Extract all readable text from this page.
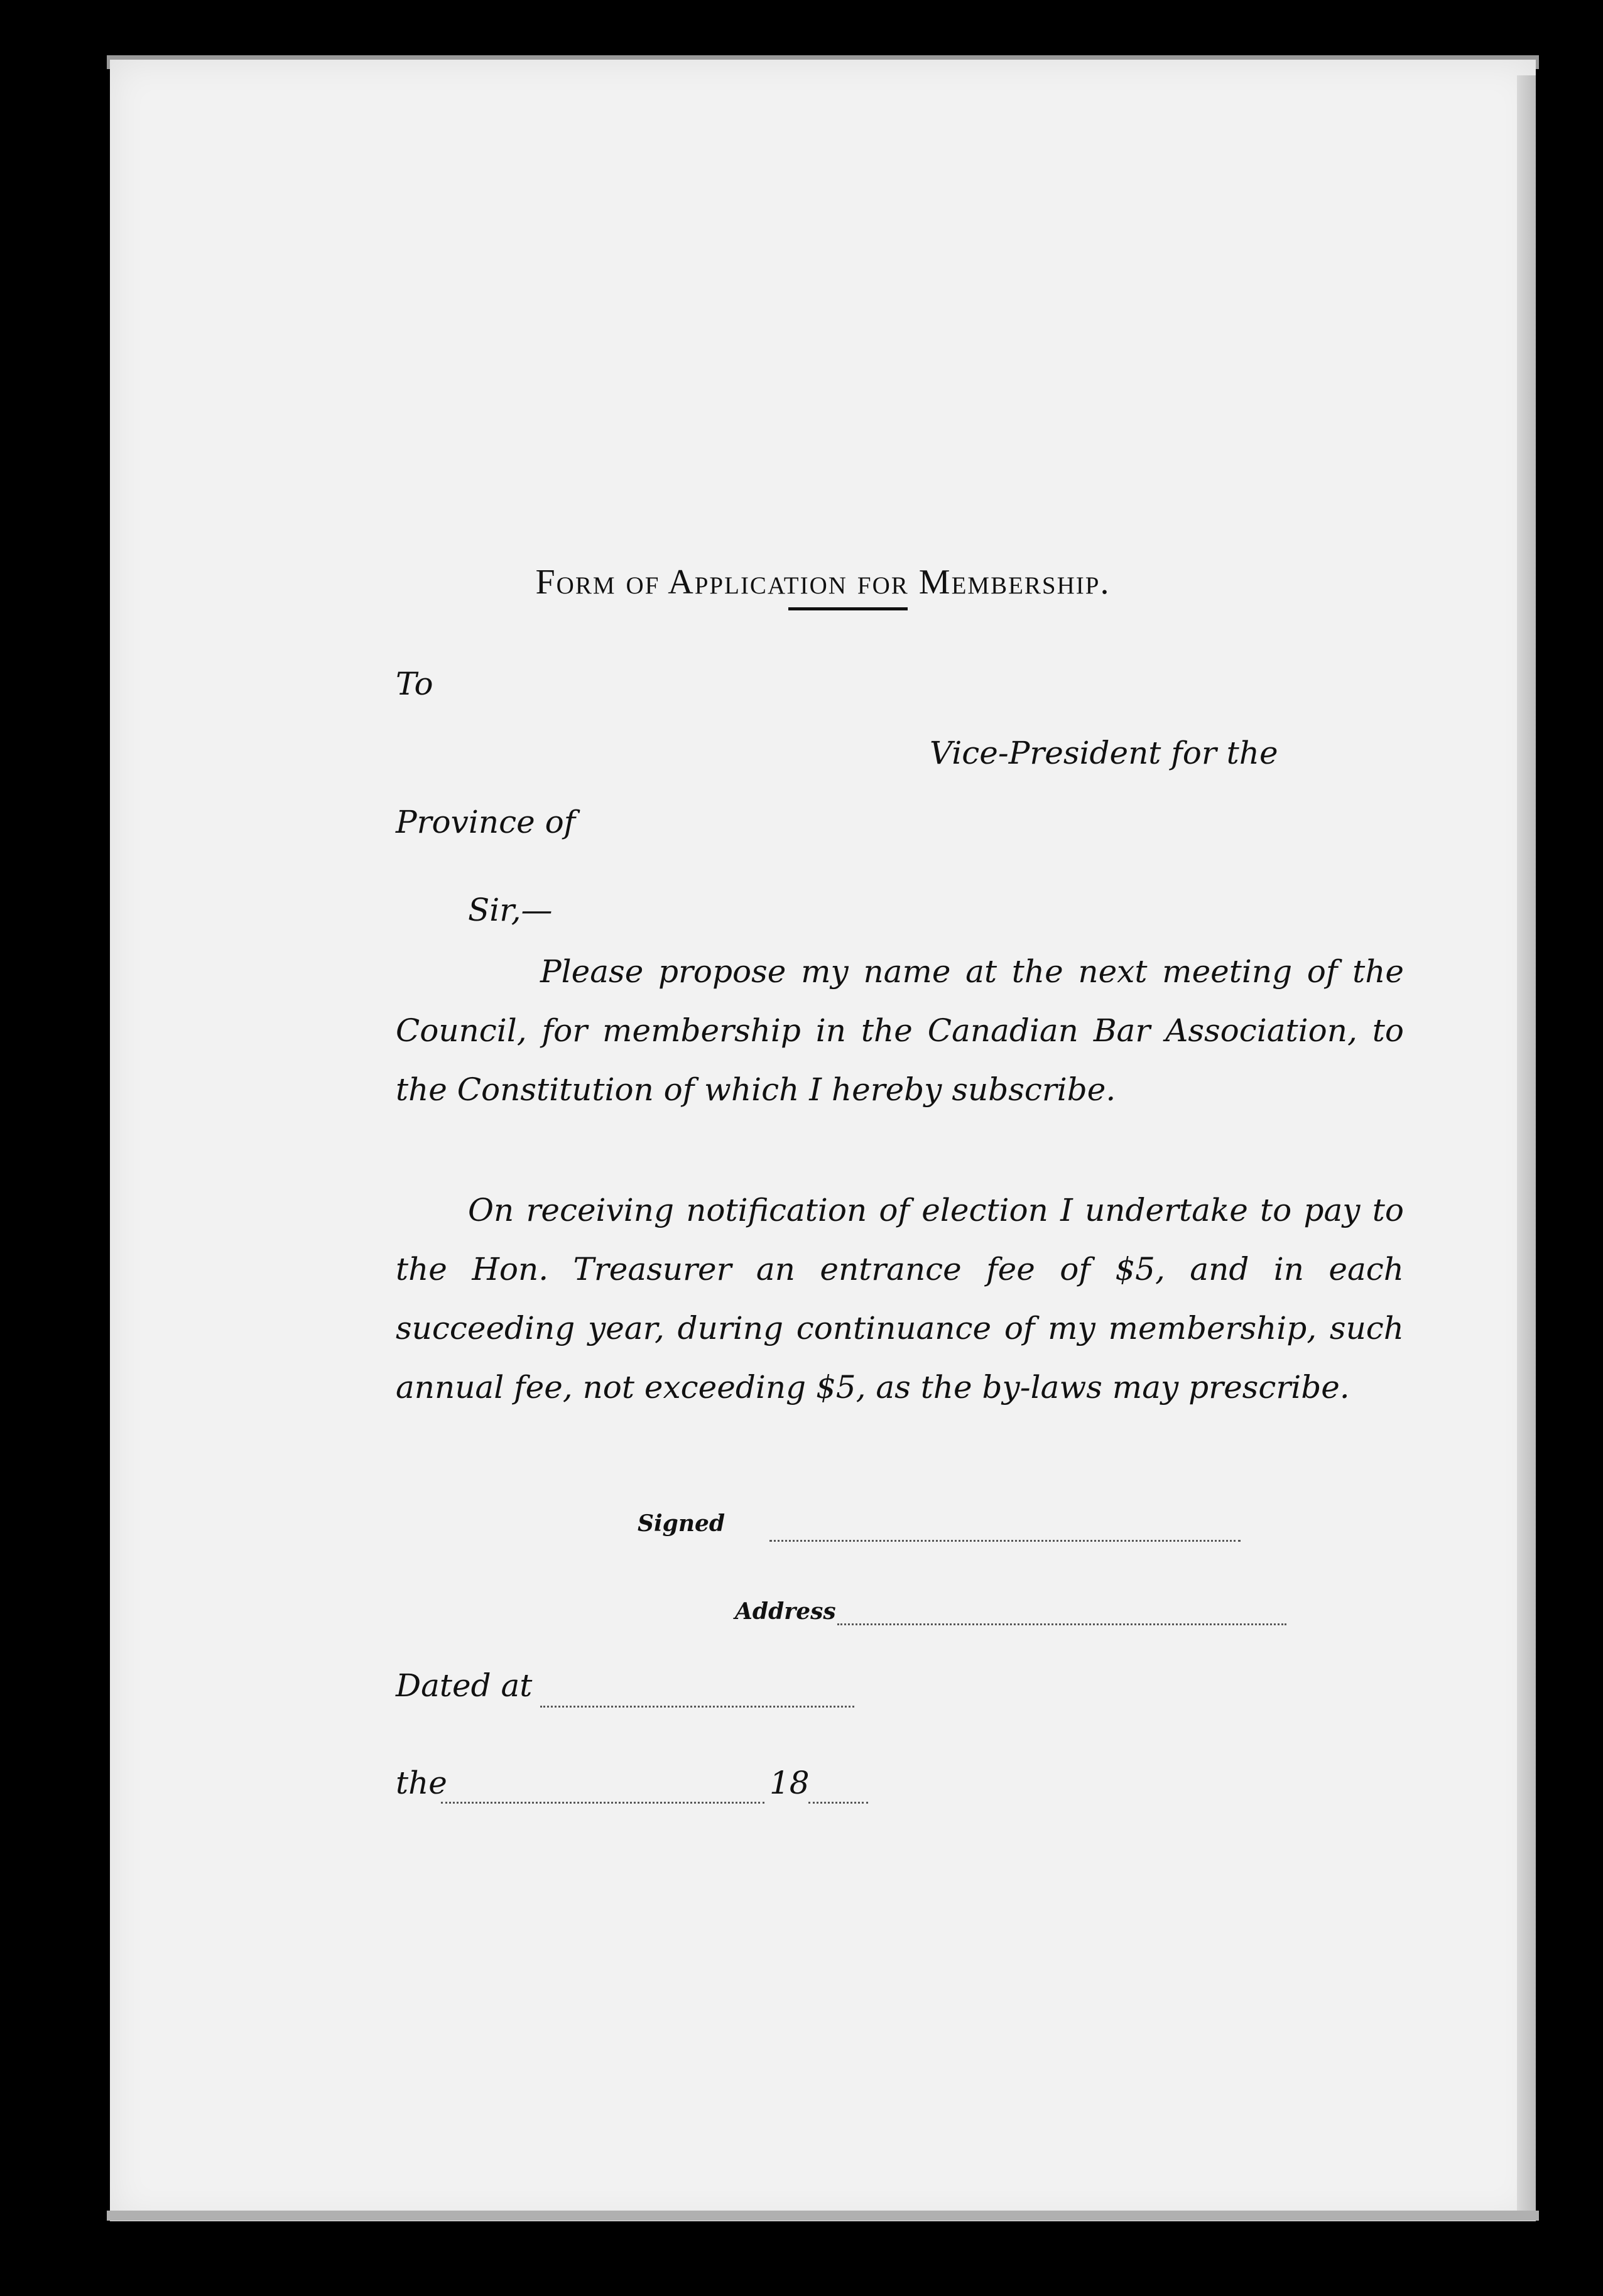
Form of Application for Membership.
To
Vice-President for the
Province of
Sir,—
Please propose my name at the next meeting of the Council, for membership in the Canadian Bar Association, to the Constitution of which I hereby subscribe.
On receiving notification of election I undertake to pay to the Hon. Treasurer an entrance fee of $5, and in each succeeding year, during continuance of my membership, such annual fee, not exceeding $5, as the by-laws may prescribe.
Signed
Address
Dated at
the	18
